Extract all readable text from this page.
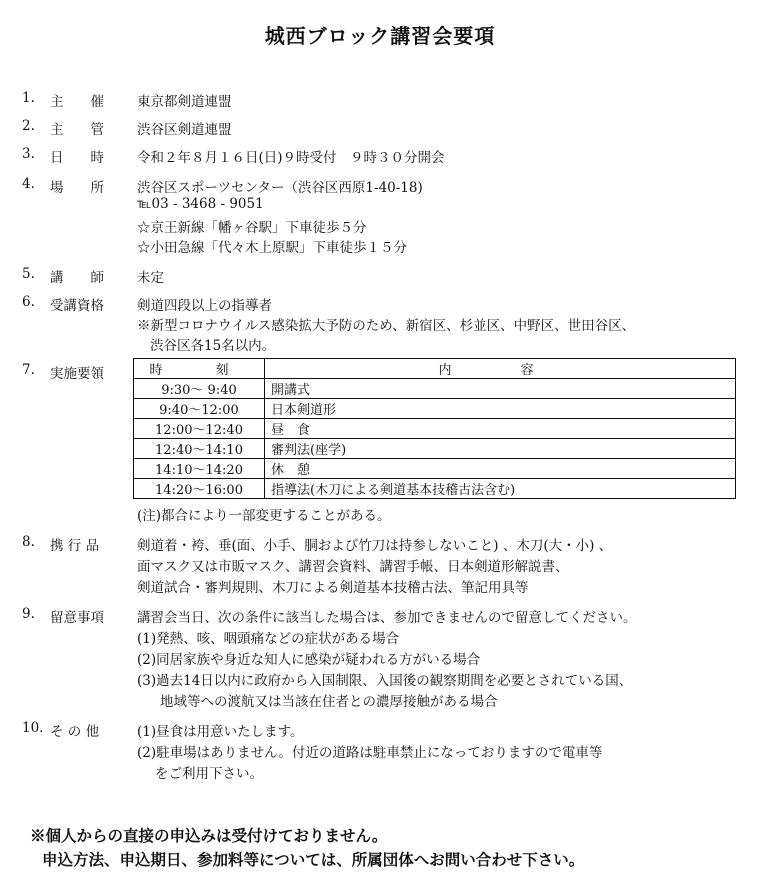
城西ブロック講習会要項
1.	主　　催	東京都剣道連盟
2.	主　　管	渋谷区剣道連盟
3.	日　　時	令和２年８月１６日(日)９時受付　９時３０分開会
4.	場　　所	渋谷区スポーツセンター（渋谷区西原1-40-18)
℡03 - 3468 - 9051
☆京王新線「幡ヶ谷駅」下車徒歩５分
☆小田急線「代々木上原駅」下車徒歩１５分
5.	講　　師	未定
6.	受講資格	剣道四段以上の指導者
※新型コロナウイルス感染拡大予防のため、新宿区、杉並区、中野区、世田谷区、
渋谷区各15名以内。
7.	実施要領	時　刻	内　容
9:30〜 9:40	開講式
9:40〜12:00	日本剣道形
12:00〜12:40	昼　食
12:40〜14:10	審判法(座学)
14:10〜14:20	休　憩
14:20〜16:00	指導法(木刀による剣道基本技稽古法含む)
(注)都合により一部変更することがある。
8.	携 行 品	剣道着・袴、垂(面、小手、胴および竹刀は持参しないこと) 、木刀(大・小) 、
面マスク又は市販マスク、講習会資料、講習手帳、日本剣道形解説書、
剣道試合・審判規則、木刀による剣道基本技稽古法、筆記用具等
9.	留意事項	講習会当日、次の条件に該当した場合は、参加できませんので留意してください。
(1)発熱、咳、咽頭痛などの症状がある場合
(2)同居家族や身近な知人に感染が疑われる方がいる場合
(3)過去14日以内に政府から入国制限、入国後の観察期間を必要とされている国、
地域等への渡航又は当該在住者との濃厚接触がある場合
10. そ の 他	(1)昼食は用意いたします。
(2)駐車場はありません。付近の道路は駐車禁止になっておりますので電車等
をご利用下さい。
※個人からの直接の申込みは受付けておりません。
申込方法、申込期日、参加料等については、所属団体へお問い合わせ下さい。
